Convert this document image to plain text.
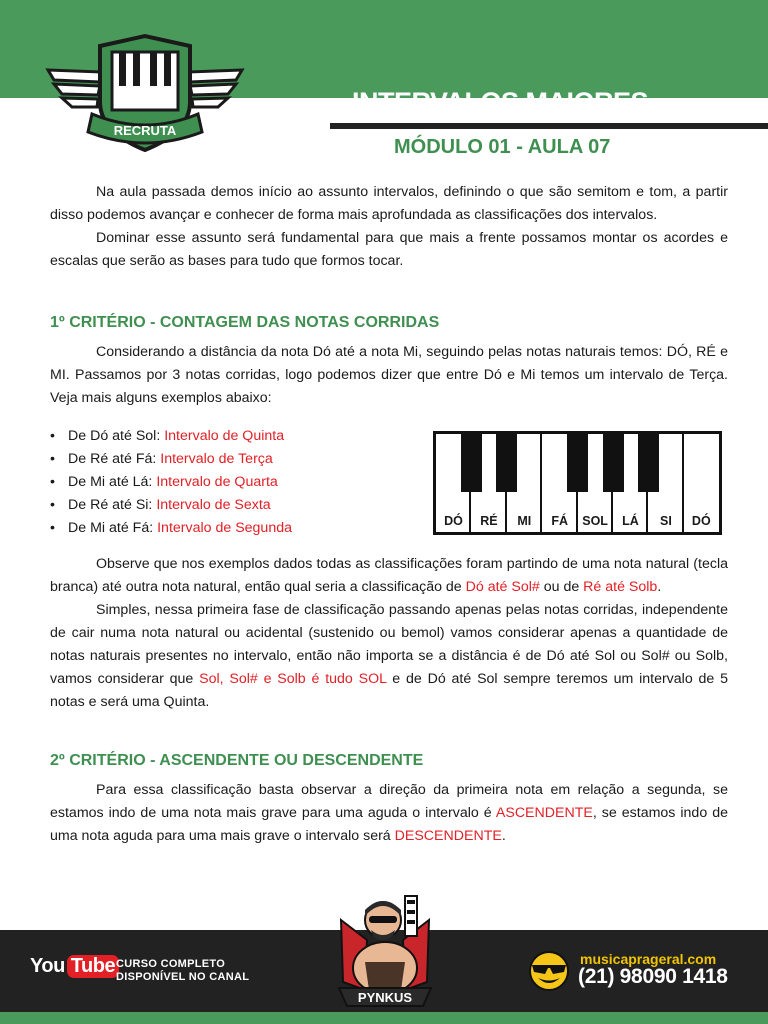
RECRUTA
INTERVALOS MAIORES
MÓDULO 01 - AULA 07

Na aula passada demos início ao assunto intervalos, definindo o que são semitom e tom, a partir disso podemos avançar e conhecer de forma mais aprofundada as classificações dos intervalos.

Dominar esse assunto será fundamental para que mais a frente possamos montar os acordes e escalas que serão as bases para tudo que formos tocar.

1º CRITÉRIO - CONTAGEM DAS NOTAS CORRIDAS

Considerando a distância da nota Dó até a nota Mi, seguindo pelas notas naturais temos: DÓ, RÉ e MI. Passamos por 3 notas corridas, logo podemos dizer que entre Dó e Mi temos um intervalo de Terça. Veja mais alguns exemplos abaixo:

• De Dó até Sol: Intervalo de Quinta
• De Ré até Fá: Intervalo de Terça
• De Mi até Lá: Intervalo de Quarta
• De Ré até Si: Intervalo de Sexta
• De Mi até Fá: Intervalo de Segunda	DÓ	RÉ	MI	FÁ	SOL	LÁ	SI	DÓ

Observe que nos exemplos dados todas as classificações foram partindo de uma nota natural (tecla branca) até outra nota natural, então qual seria a classificação de Dó até Sol# ou de Ré até Solb.

Simples, nessa primeira fase de classificação passando apenas pelas notas corridas, independente de cair numa nota natural ou acidental (sustenido ou bemol) vamos considerar apenas a quantidade de notas naturais presentes no intervalo, então não importa se a distância é de Dó até Sol ou Sol# ou Solb, vamos considerar que Sol, Sol# e Solb é tudo SOL e de Dó até Sol sempre teremos um intervalo de 5 notas e será uma Quinta.

2º CRITÉRIO - ASCENDENTE OU DESCENDENTE

Para essa classificação basta observar a direção da primeira nota em relação a segunda, se estamos indo de uma nota mais grave para uma aguda o intervalo é ASCENDENTE, se estamos indo de uma nota aguda para uma mais grave o intervalo será DESCENDENTE.

You Tube CURSO COMPLETO
DISPONÍVEL NO CANAL
PYNKUS
musicaprageral.com
(21) 98090 1418
